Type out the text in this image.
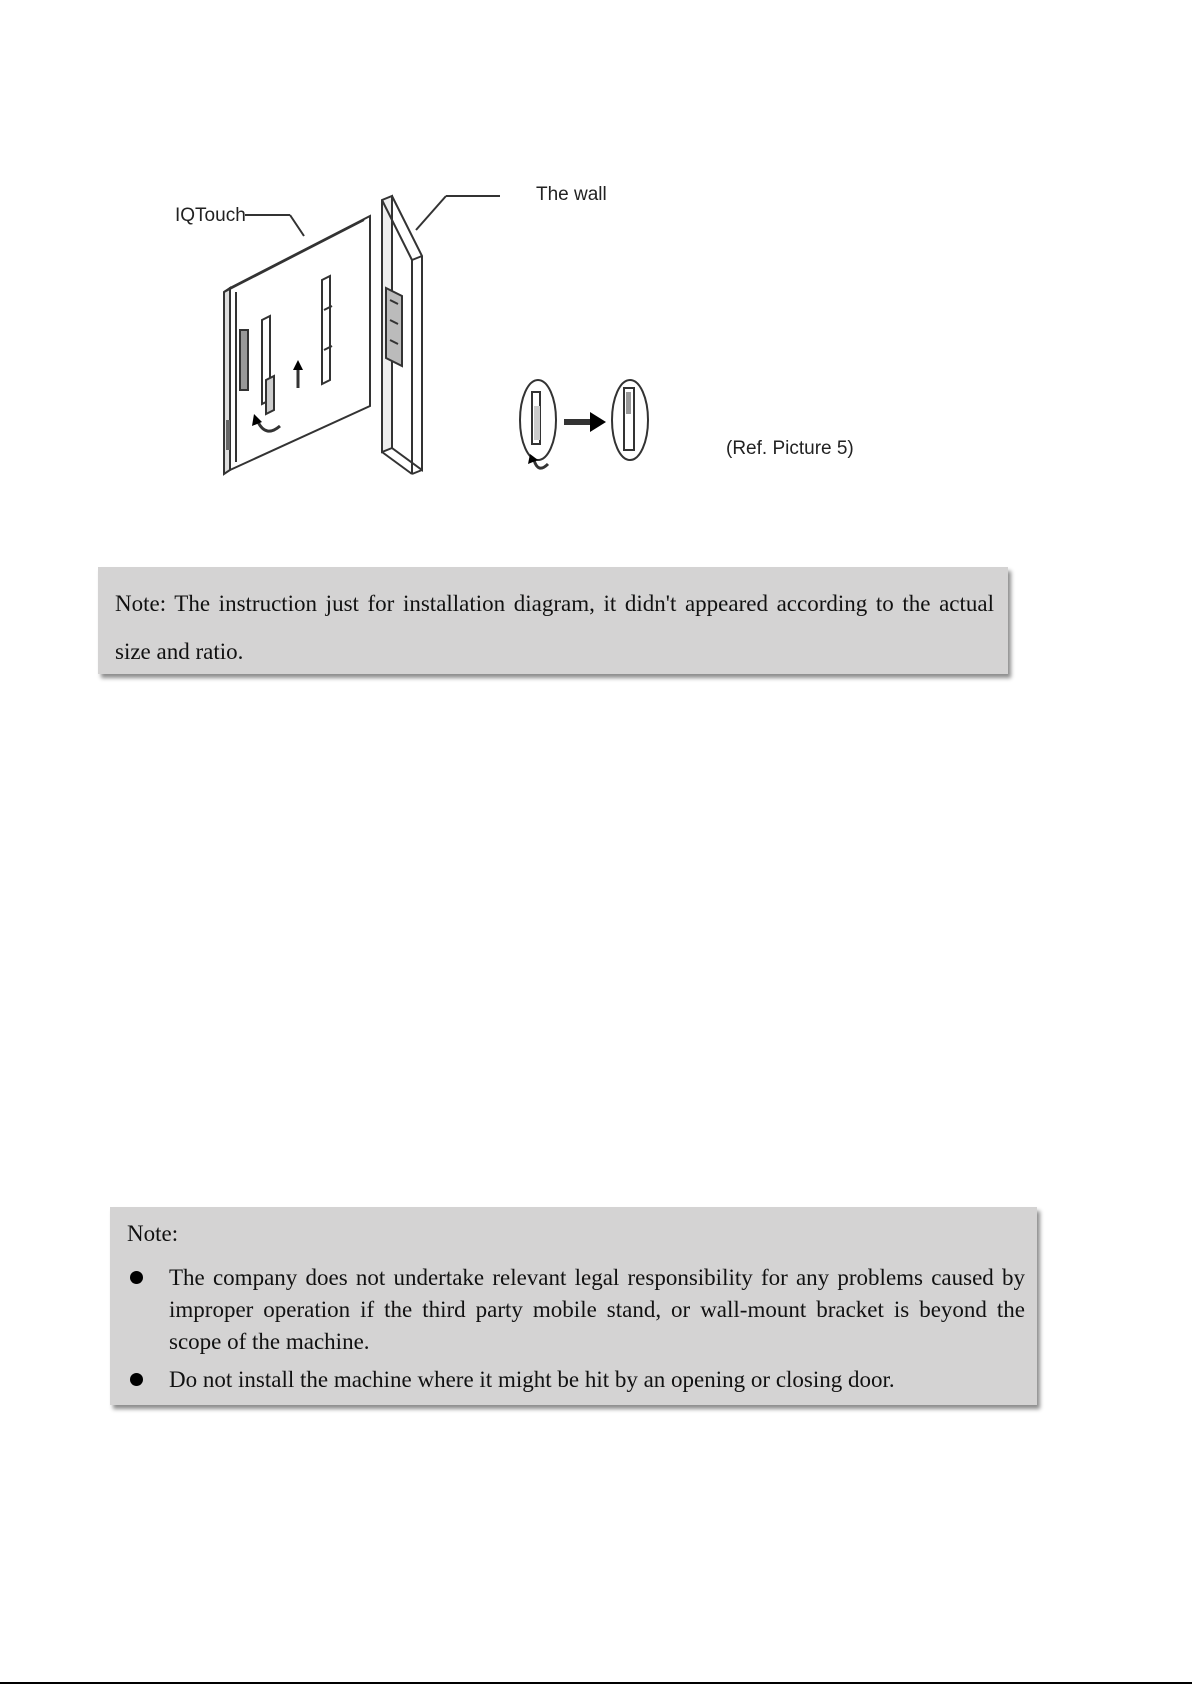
IQTouch
The wall
(Ref. Picture 5)

Note: The instruction just for installation diagram, it didn't appeared according to the actual size and ratio.

Note:
The company does not undertake relevant legal responsibility for any problems caused by improper operation if the third party mobile stand, or wall-mount bracket is beyond the scope of the machine.
Do not install the machine where it might be hit by an opening or closing door.
